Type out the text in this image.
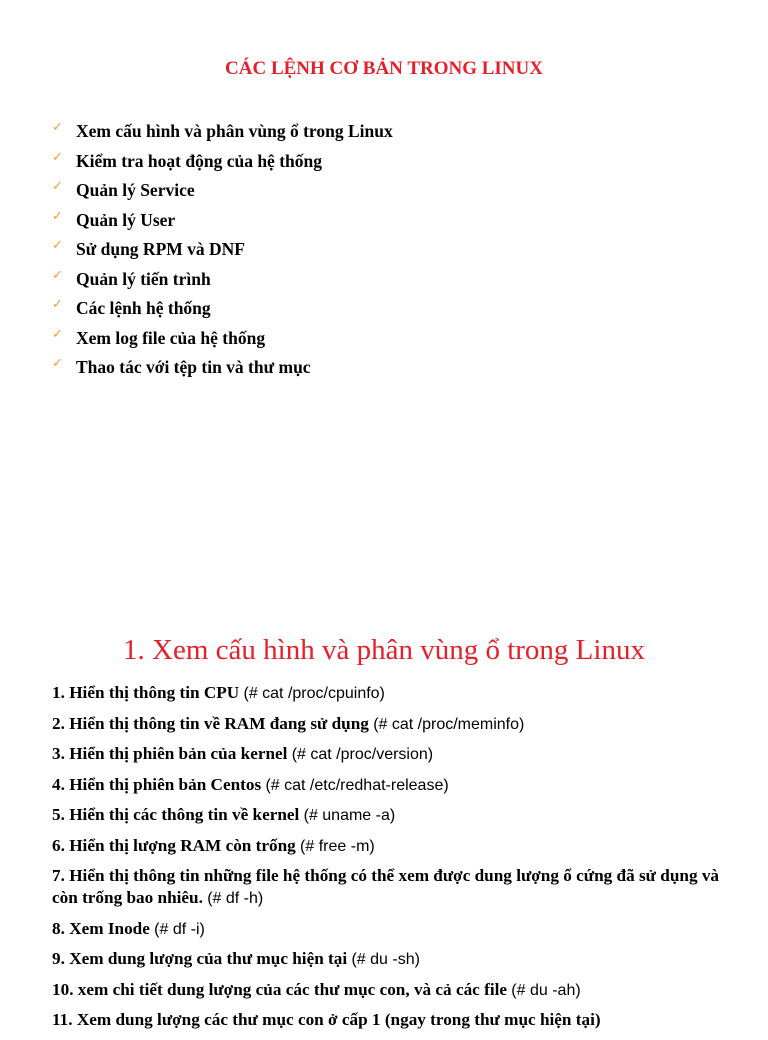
CÁC LỆNH CƠ BẢN TRONG LINUX
✓ Xem cấu hình và phân vùng ổ trong Linux
✓ Kiểm tra hoạt động của hệ thống
✓ Quản lý Service
✓ Quản lý User
✓ Sử dụng RPM và DNF
✓ Quản lý tiến trình
✓ Các lệnh hệ thống
✓ Xem log file của hệ thống
✓ Thao tác với tệp tin và thư mục
1. Xem cấu hình và phân vùng ổ trong Linux
1. Hiển thị thông tin CPU (# cat /proc/cpuinfo)
2. Hiển thị thông tin về RAM đang sử dụng (# cat /proc/meminfo)
3. Hiển thị phiên bản của kernel (# cat /proc/version)
4. Hiển thị phiên bản Centos (# cat /etc/redhat-release)
5. Hiển thị các thông tin về kernel (# uname -a)
6. Hiển thị lượng RAM còn trống (# free -m)
7. Hiển thị thông tin những file hệ thống có thể xem được dung lượng ổ cứng đã sử dụng và còn trống bao nhiêu. (# df -h)
8. Xem Inode (# df -i)
9. Xem dung lượng của thư mục hiện tại (# du -sh)
10. xem chi tiết dung lượng của các thư mục con, và cả các file (# du -ah)
11. Xem dung lượng các thư mục con ở cấp 1 (ngay trong thư mục hiện tại)
